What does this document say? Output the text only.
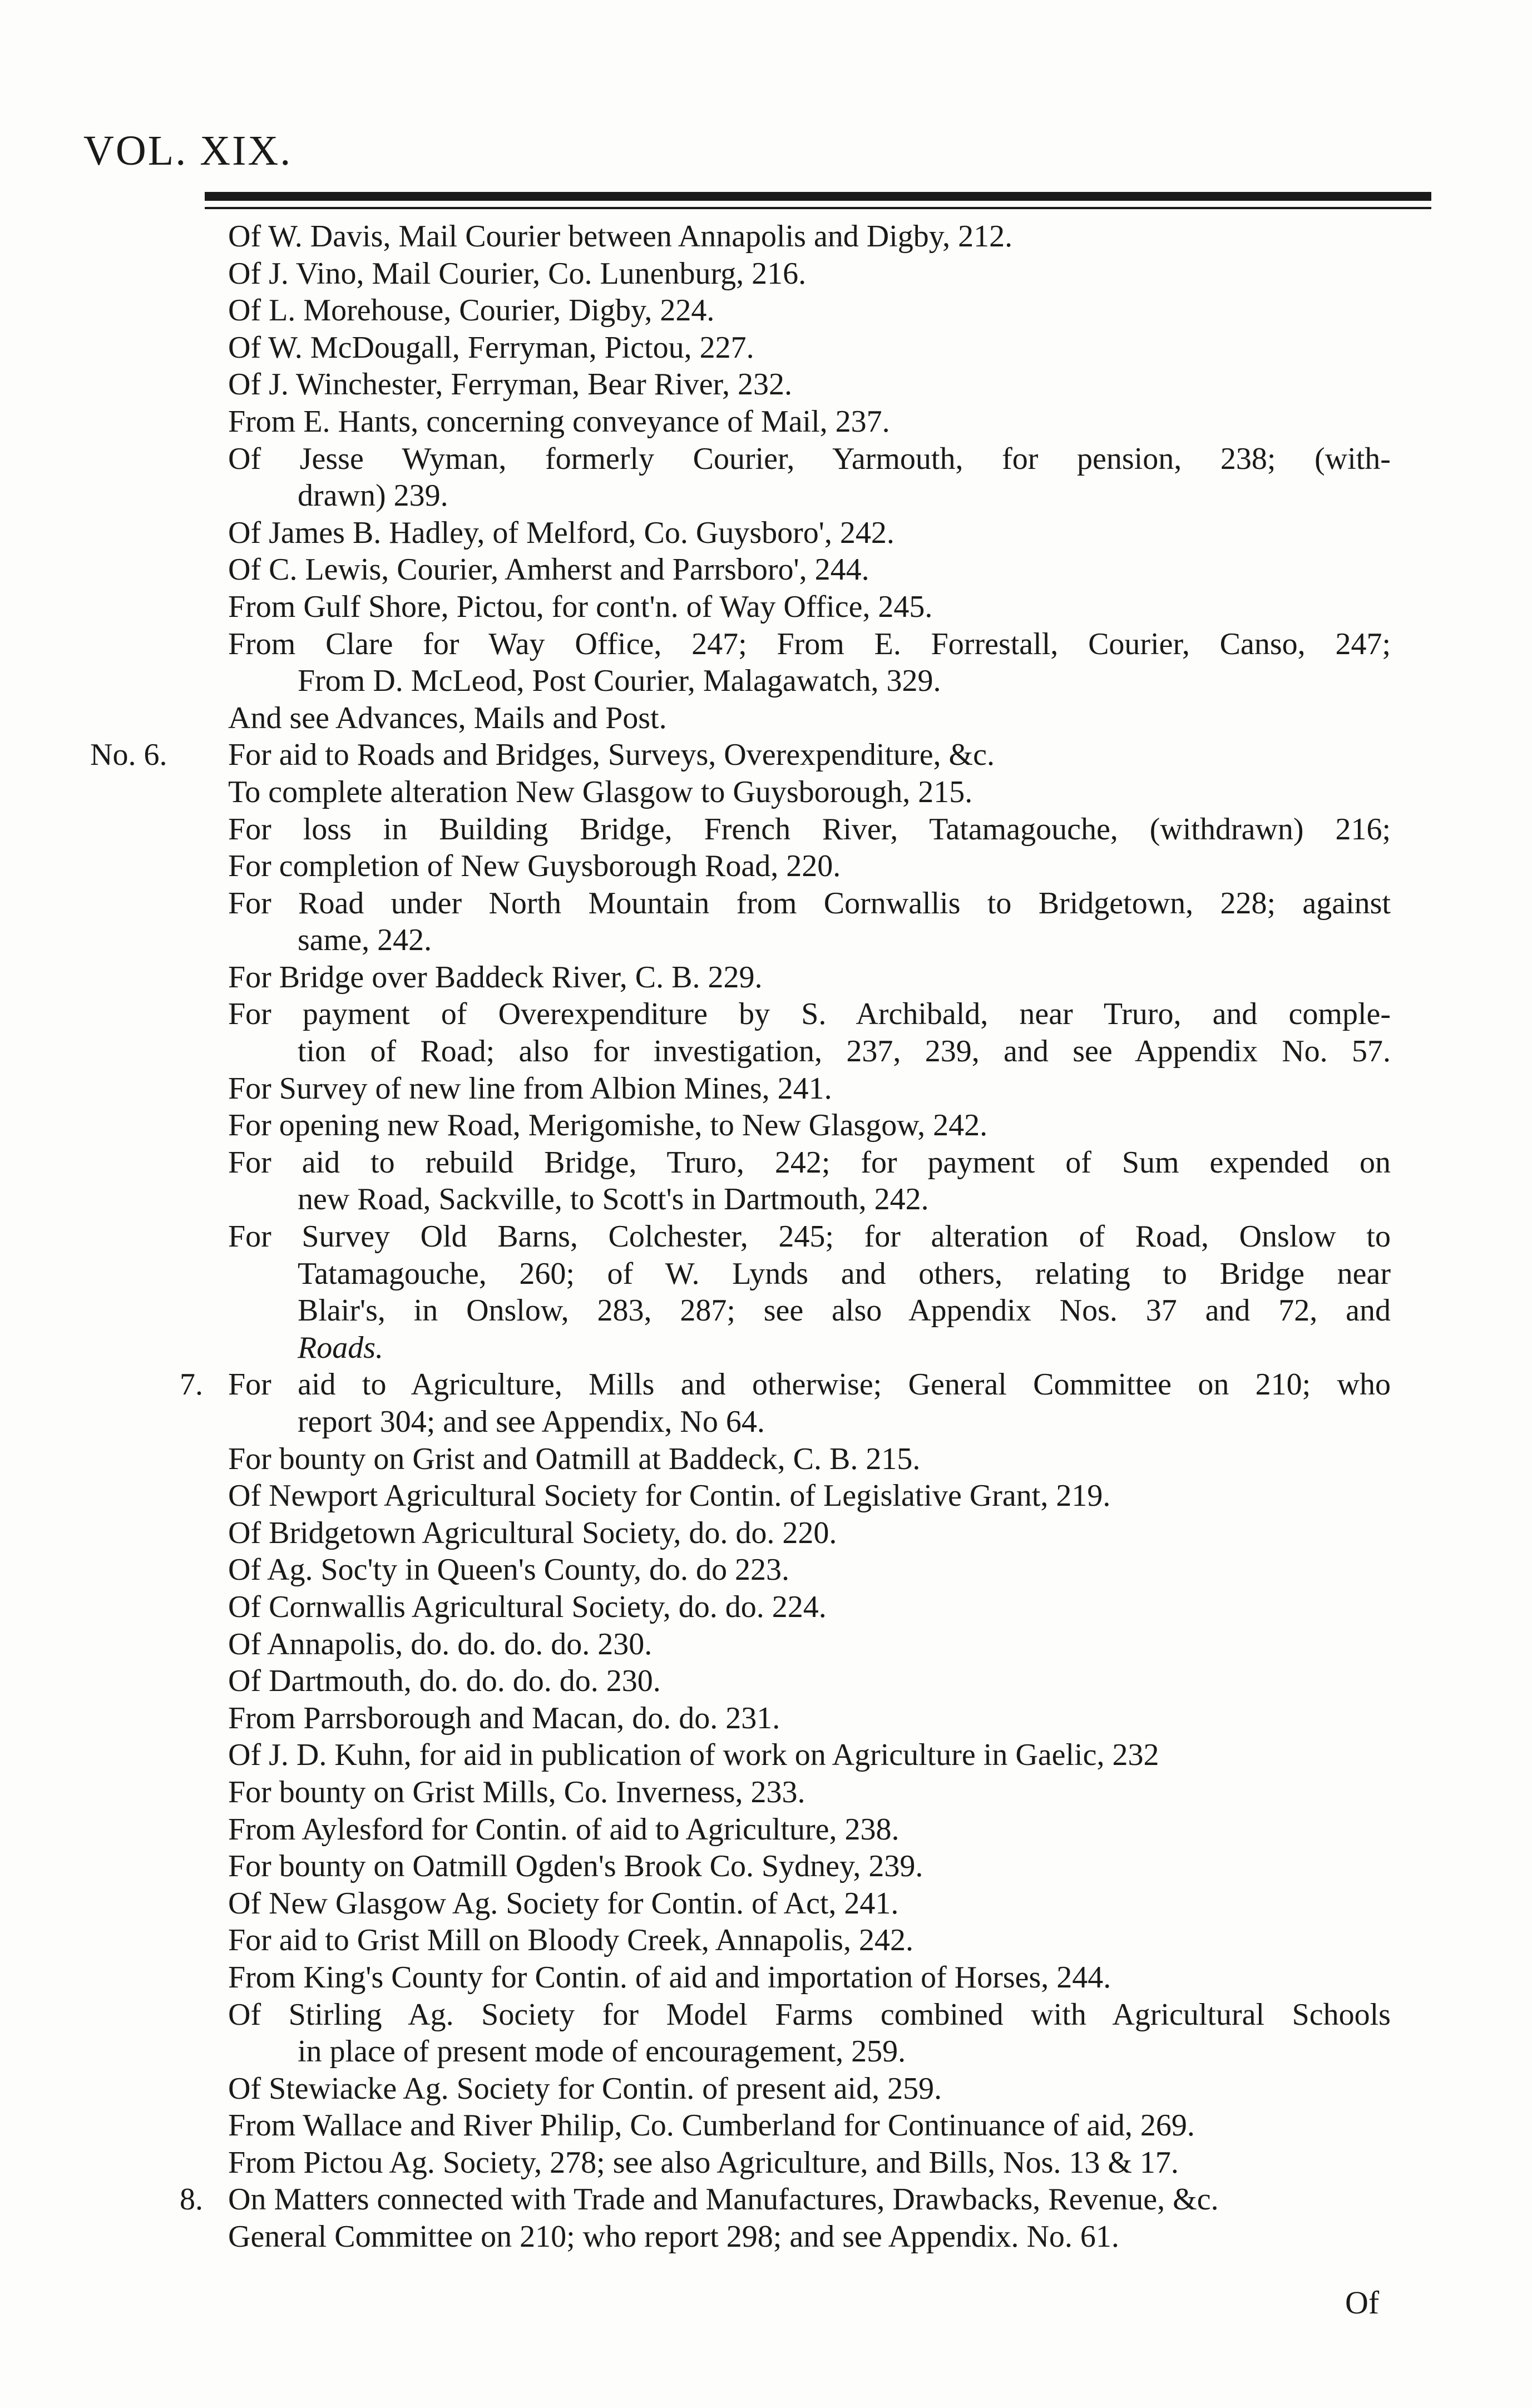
VOL. XIX.
Of W. Davis, Mail Courier between Annapolis and Digby, 212.
Of J. Vino, Mail Courier, Co. Lunenburg, 216.
Of L. Morehouse, Courier, Digby, 224.
Of W. McDougall, Ferryman, Pictou, 227.
Of J. Winchester, Ferryman, Bear River, 232.
From E. Hants, concerning conveyance of Mail, 237.
Of Jesse Wyman, formerly Courier, Yarmouth, for pension, 238; (with-
drawn) 239.
Of James B. Hadley, of Melford, Co. Guysboro', 242.
Of C. Lewis, Courier, Amherst and Parrsboro', 244.
From Gulf Shore, Pictou, for cont'n. of Way Office, 245.
From Clare for Way Office, 247; From E. Forrestall, Courier, Canso, 247;
From D. McLeod, Post Courier, Malagawatch, 329.
And see Advances, Mails and Post.
No. 6. For aid to Roads and Bridges, Surveys, Overexpenditure, &c.
To complete alteration New Glasgow to Guysborough, 215.
For loss in Building Bridge, French River, Tatamagouche, (withdrawn) 216;
For completion of New Guysborough Road, 220.
For Road under North Mountain from Cornwallis to Bridgetown, 228; against
same, 242.
For Bridge over Baddeck River, C. B. 229.
For payment of Overexpenditure by S. Archibald, near Truro, and comple-
tion of Road; also for investigation, 237, 239, and see Appendix No. 57.
For Survey of new line from Albion Mines, 241.
For opening new Road, Merigomishe, to New Glasgow, 242.
For aid to rebuild Bridge, Truro, 242; for payment of Sum expended on
new Road, Sackville, to Scott's in Dartmouth, 242.
For Survey Old Barns, Colchester, 245; for alteration of Road, Onslow to
Tatamagouche, 260; of W. Lynds and others, relating to Bridge near
Blair's, in Onslow, 283, 287; see also Appendix Nos. 37 and 72, and
Roads.
7. For aid to Agriculture, Mills and otherwise; General Committee on 210; who
report 304; and see Appendix, No 64.
For bounty on Grist and Oatmill at Baddeck, C. B. 215.
Of Newport Agricultural Society for Contin. of Legislative Grant, 219.
Of Bridgetown Agricultural Society, do. do. 220.
Of Ag. Soc'ty in Queen's County, do. do 223.
Of Cornwallis Agricultural Society, do. do. 224.
Of Annapolis, do. do. do. do. 230.
Of Dartmouth, do. do. do. do. 230.
From Parrsborough and Macan, do. do. 231.
Of J. D. Kuhn, for aid in publication of work on Agriculture in Gaelic, 232
For bounty on Grist Mills, Co. Inverness, 233.
From Aylesford for Contin. of aid to Agriculture, 238.
For bounty on Oatmill Ogden's Brook Co. Sydney, 239.
Of New Glasgow Ag. Society for Contin. of Act, 241.
For aid to Grist Mill on Bloody Creek, Annapolis, 242.
From King's County for Contin. of aid and importation of Horses, 244.
Of Stirling Ag. Society for Model Farms combined with Agricultural Schools
in place of present mode of encouragement, 259.
Of Stewiacke Ag. Society for Contin. of present aid, 259.
From Wallace and River Philip, Co. Cumberland for Continuance of aid, 269.
From Pictou Ag. Society, 278; see also Agriculture, and Bills, Nos. 13 & 17.
8. On Matters connected with Trade and Manufactures, Drawbacks, Revenue, &c.
General Committee on 210; who report 298; and see Appendix. No. 61.
Of
